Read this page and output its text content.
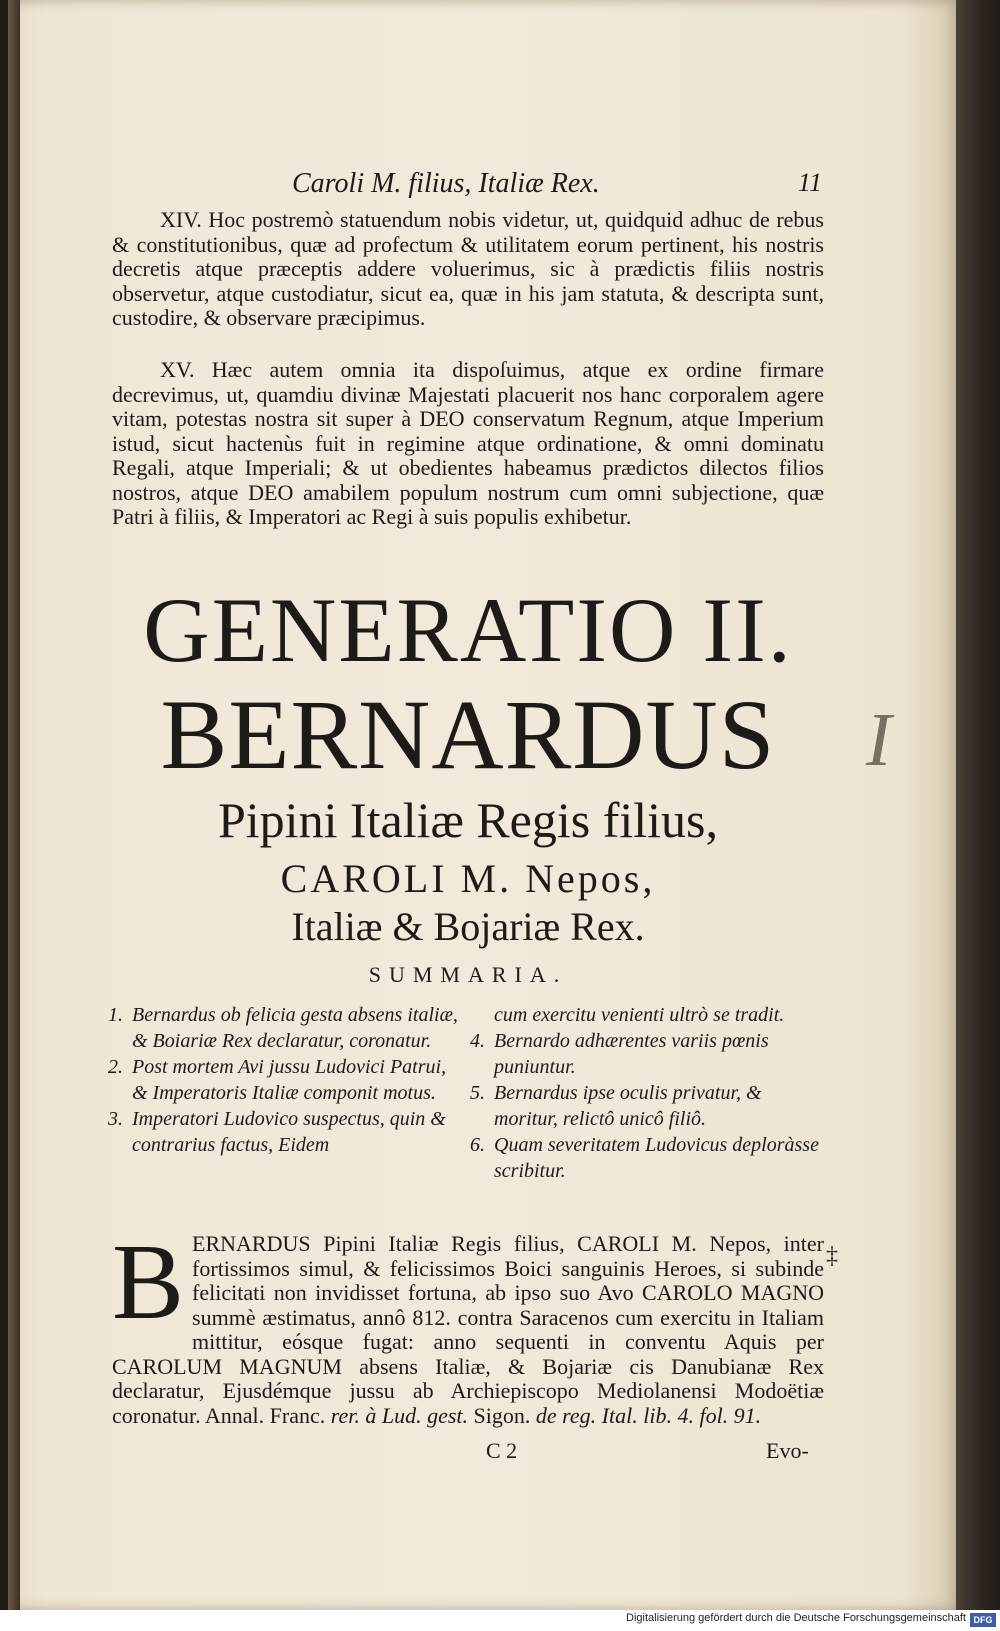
Caroli M. filius, Italiæ Rex.	11
XIV. Hoc postremò statuendum nobis videtur, ut, quidquid adhuc de rebus & constitutionibus, quæ ad profectum & utilitatem eorum pertinent, his nostris decretis atque præceptis addere voluerimus, sic à prædictis filiis nostris observetur, atque custodiatur, sicut ea, quæ in his jam statuta, & descripta sunt, custodire, & observare præcipimus.
XV. Hæc autem omnia ita dispoſuimus, atque ex ordine firmare decrevimus, ut, quamdiu divinæ Majestati placuerit nos hanc corporalem agere vitam, potestas nostra sit super à DEO conservatum Regnum, atque Imperium istud, sicut hactenùs fuit in regimine atque ordinatione, & omni dominatu Regali, atque Imperiali; & ut obedientes habeamus prædictos dilectos filios nostros, atque DEO amabilem populum nostrum cum omni subjectione, quæ Patri à filiis, & Imperatori ac Regi à suis populis exhibetur.
GENERATIO II.
BERNARDUS
Pipini Italiæ Regis filius,
CAROLI M. Nepos,
Italiæ & Bojariæ Rex.
SUMMARIA.
1. Bernardus ob felicia gesta absens italiæ, & Boiariæ Rex declaratur, coronatur.
2. Post mortem Avi jussu Ludovici Patrui, & Imperatoris Italiæ componit motus.
3. Imperatori Ludovico suspectus, quin & contrarius factus, Eidem
cum exercitu venienti ultrò se tradit.
4. Bernardo adhærentes variis pœnis puniuntur.
5. Bernardus ipse oculis privatur, & moritur, relictô unicô filiô.
6. Quam severitatem Ludovicus deploràsse scribitur.
BERNARDUS Pipini Italiæ Regis filius, CAROLI M. Nepos, inter fortissimos simul, & felicissimos Boici sanguinis Heroes, si subinde felicitati non invidisset fortuna, ab ipso suo Avo CAROLO MAGNO summè æstimatus, annô 812. contra Saracenos cum exercitu in Italiam mittitur, eósque fugat: anno sequenti in conventu Aquis per CAROLUM MAGNUM absens Italiæ, & Bojariæ cis Danubianæ Rex declaratur, Ejusdémque jussu ab Archiepiscopo Mediolanensi Modoëtiæ coronatur. Annal. Franc. rer. à Lud. gest. Sigon. de reg. Ital. lib. 4. fol. 91.
C 2	Evo-
I
‡
Digitalisierung gefördert durch die Deutsche Forschungsgemeinschaft DFG
